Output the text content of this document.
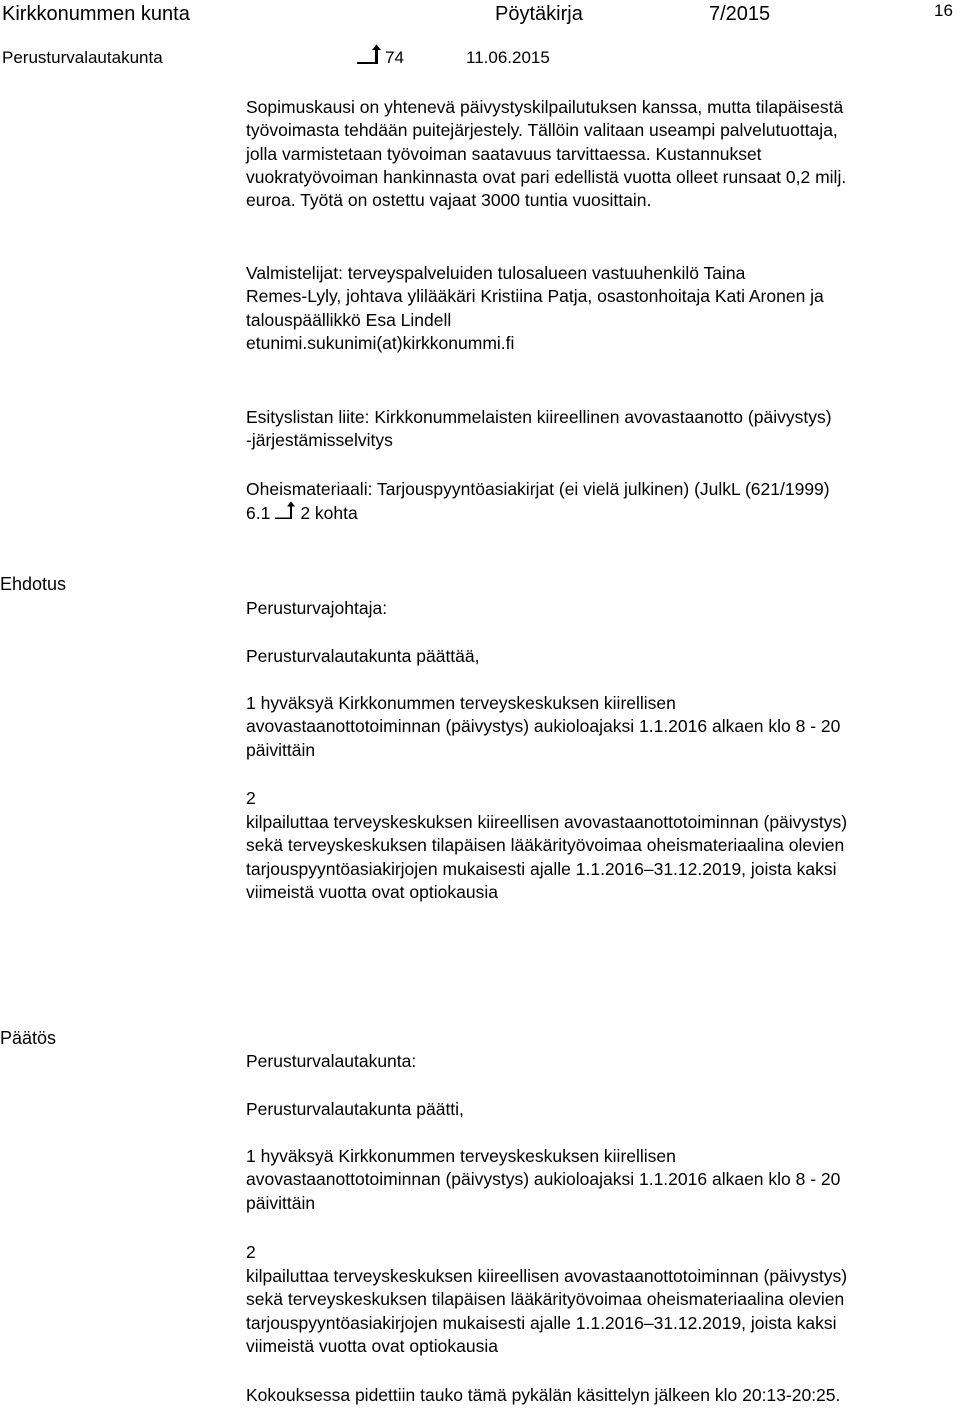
Kirkkonummen kunta	Pöytäkirja	7/2015	16
Perusturvalautakunta	74	11.06.2015
Sopimuskausi on yhtenevä päivystyskilpailutuksen kanssa, mutta tilapäisestä
työvoimasta tehdään puitejärjestely. Tällöin valitaan useampi palvelutuottaja,
jolla varmistetaan työvoiman saatavuus tarvittaessa. Kustannukset
vuokratyövoiman hankinnasta ovat pari edellistä vuotta olleet runsaat 0,2 milj.
euroa. Työtä on ostettu vajaat 3000 tuntia vuosittain.
Valmistelijat: terveyspalveluiden tulosalueen vastuuhenkilö Taina
Remes-Lyly, johtava ylilääkäri Kristiina Patja, osastonhoitaja Kati Aronen ja
talouspäällikkö Esa Lindell
etunimi.sukunimi(at)kirkkonummi.fi
Esityslistan liite: Kirkkonummelaisten kiireellinen avovastaanotto (päivystys)
-järjestämisselvitys
Oheismateriaali: Tarjouspyyntöasiakirjat (ei vielä julkinen) (JulkL (621/1999)
6.1 2 kohta
Ehdotus
Perusturvajohtaja:
Perusturvalautakunta päättää,
1 hyväksyä Kirkkonummen terveyskeskuksen kiirellisen
avovastaanottotoiminnan (päivystys) aukioloajaksi 1.1.2016 alkaen klo 8 - 20
päivittäin
2
kilpailuttaa terveyskeskuksen kiireellisen avovastaanottotoiminnan (päivystys)
sekä terveyskeskuksen tilapäisen lääkärityövoimaa oheismateriaalina olevien
tarjouspyyntöasiakirjojen mukaisesti ajalle 1.1.2016–31.12.2019, joista kaksi
viimeistä vuotta ovat optiokausia
Päätös
Perusturvalautakunta:
Perusturvalautakunta päätti,
1 hyväksyä Kirkkonummen terveyskeskuksen kiirellisen
avovastaanottotoiminnan (päivystys) aukioloajaksi 1.1.2016 alkaen klo 8 - 20
päivittäin
2
kilpailuttaa terveyskeskuksen kiireellisen avovastaanottotoiminnan (päivystys)
sekä terveyskeskuksen tilapäisen lääkärityövoimaa oheismateriaalina olevien
tarjouspyyntöasiakirjojen mukaisesti ajalle 1.1.2016–31.12.2019, joista kaksi
viimeistä vuotta ovat optiokausia
Kokouksessa pidettiin tauko tämä pykälän käsittelyn jälkeen klo 20:13-20:25.
